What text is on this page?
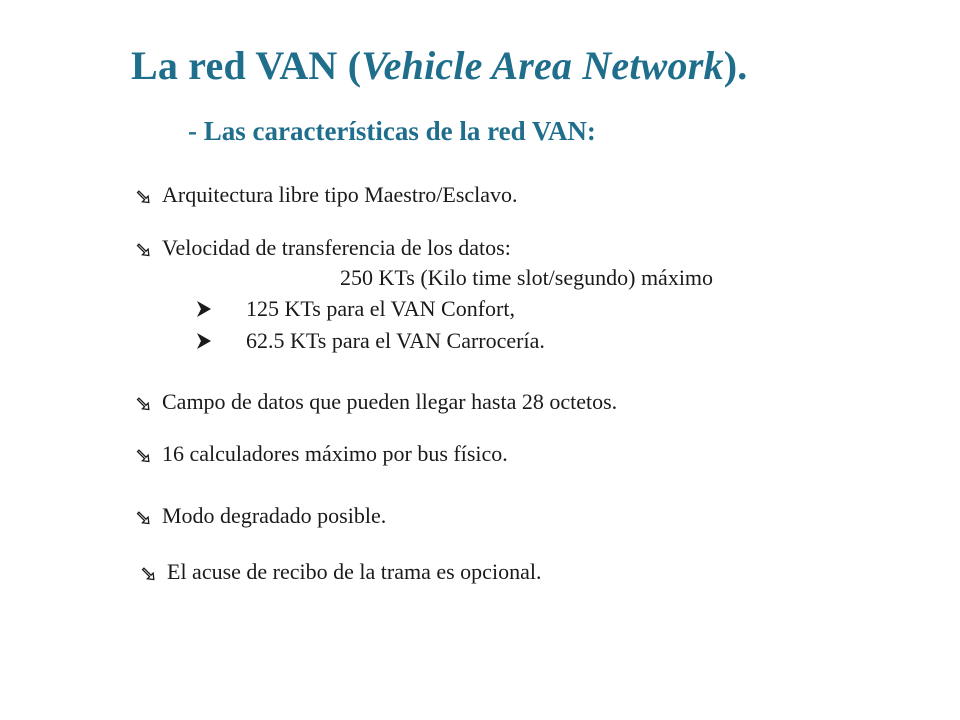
La red VAN (Vehicle Area Network).
- Las características de la red VAN:
Arquitectura libre tipo Maestro/Esclavo.
Velocidad de transferencia de los datos:
250 KTs (Kilo time slot/segundo) máximo
125 KTs para el VAN Confort,
62.5 KTs para el VAN Carrocería.
Campo de datos que pueden llegar hasta 28 octetos.
16 calculadores máximo por bus físico.
Modo degradado posible.
El acuse de recibo de la trama es opcional.
